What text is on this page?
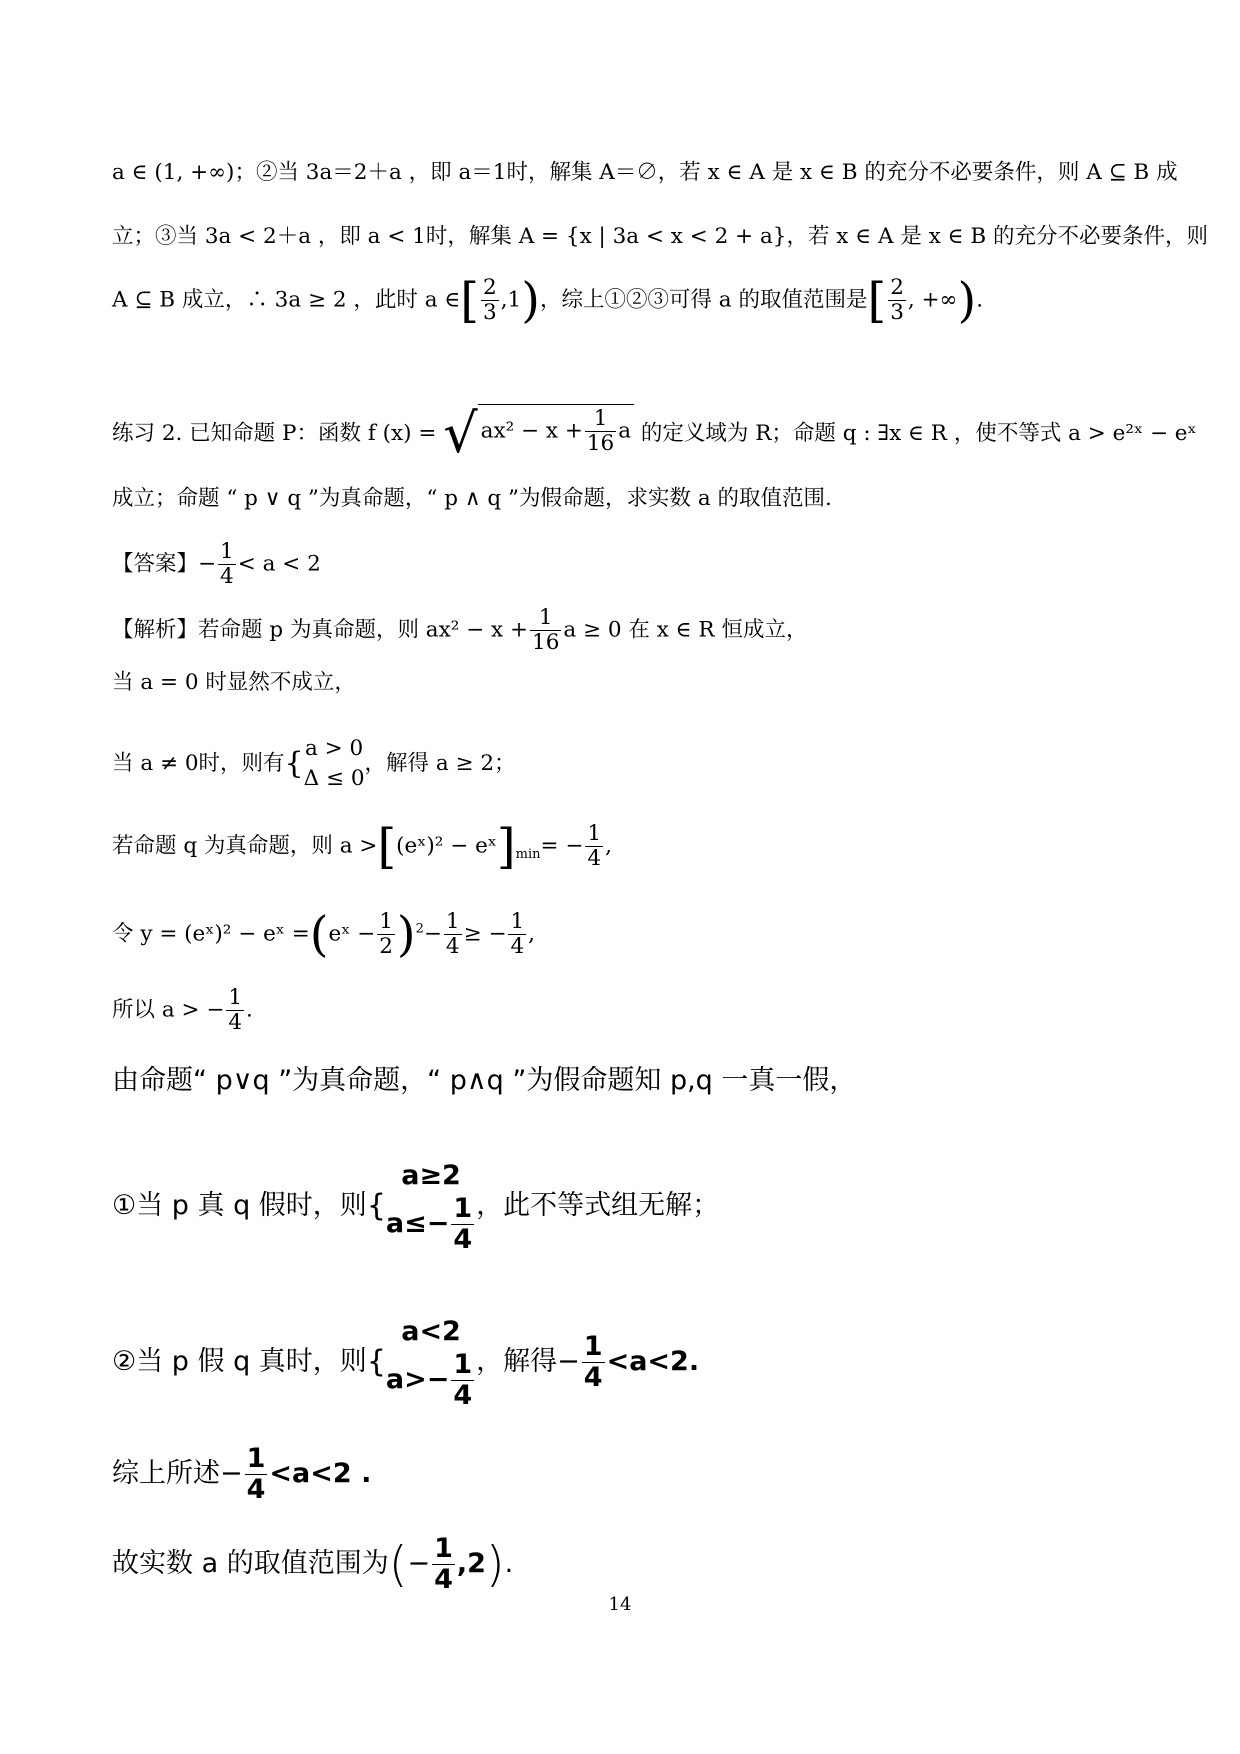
a ∈ (1, +∞)；②当 3a＝2＋a ，即 a＝1时，解集 A＝∅，若 x ∈ A 是 x ∈ B 的充分不必要条件，则 A ⊆ B 成
立；③当 3a < 2＋a ，即 a < 1时，解集 A = {x | 3a < x < 2 + a}，若 x ∈ A 是 x ∈ B 的充分不必要条件，则
A ⊆ B 成立，∴ 3a ≥ 2 ，此时 a ∈[ $\frac{2}{3} ,1$)，综上①②③可得 a 的取值范围是[ $\frac{2}{3}$ , +∞).
练习 2. 已知命题 P：函数 f (x) = √ $ax^2 - x + \frac{1}{16}$ a 的定义域为 R；命题 q : ∃x ∈ R ，使不等式 a > e²ˣ − eˣ
成立；命题 “ p ∨ q ”为真命题，“ p ∧ q ”为假命题，求实数 a 的取值范围.
【答案】− $\frac{1}{4} < a < 2$
【解析】若命题 p 为真命题，则 $ax^2 - x + \frac{1}{16}$ a ≥ 0 在 x ∈ R 恒成立，
当 a = 0 时显然不成立，
当 a ≠ 0时，则有{ a > 0
Δ ≤ 0
，解得 a ≥ 2；
若命题 q 为真命题，则 a >[(eˣ)² − $eˣ]_{min}= - \frac{1}{4}$ ,
令 y = (eˣ)² − eˣ =(eˣ − $\frac{1}{2} )^2- \frac{1}{4}$ ≥ − $\frac{1}{4}$ ,
所以 a > − $\frac{1}{4}$ .
由命题“ p∨q ”为真命题，“ p∧q ”为假命题知 p,q 一真一假，
①当 p 真 q 假时，则{
a≥2
$a\le- \frac{1}{4}$ ，此不等式组无解；
②当 p 假 q 真时，则{
a<2
$a>- \frac{1}{4}$ ，解得− $\frac{1}{4} <a<2$.
综上所述− $\frac{1}{4} <a<2$ .
故实数 a 的取值范围为(− $\frac{1}{4} ,2$).
14
